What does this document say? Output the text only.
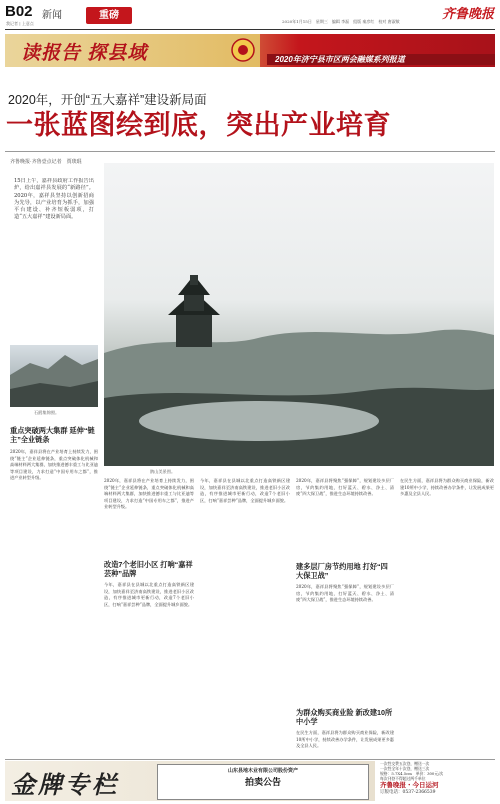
B02 新闻
我记者 | 上意点
重磅
2020年1月15日　星期三　编辑 李磊　组版 秦彦红　校对 唐淑敏	齐鲁晚报
读报告 探县域	2020年济宁县市区两会融媒系列报道
2020年，开创“五大嘉祥”建设新局面
一张蓝图绘到底，突出产业培育
齐鲁晚报·齐鲁壹点记者　贾琰琨

15日上午，嘉祥县政府工作报告出炉，给出嘉祥县发展的“新路径”。2020年，嘉祥县坚持以创新招商为先导，以产业培育为抓手，加强平台建设、补齐短板弱项，打造“五大嘉祥”建设新局面。

石鸥集锦照。
鹊山美景图。
重点突破两大集群 延伸“链主”全业链条

2020年，嘉祥县将在产业培育上持续发力，围绕“链主”企业延伸链条，重点突破体化机械和高端材料两大集群，加快推进德丰重工与比亚迪等项目建设，力求打造“中国专用车之都”，推进产业转型升级。

2020年，嘉祥县将在产业培育上持续发力，围绕“链主”企业延伸链条，重点突破体化机械和高端材料两大集群，加快推进德丰重工与比亚迪等项目建设，力求打造“中国专用车之都”，推进产业转型升级。

改造7个老旧小区 打响“嘉祥芸种”品牌

今年，嘉祥县在县城以北重点打造高铁新区建设，加快嘉祥至济南高铁建设，推进老旧小区改造，有序推进城市更新行动，改造7个老旧小区，打响“嘉祥芸种”品牌，全面提升城乡面貌。

今年，嘉祥县在县城以北重点打造高铁新区建设，加快嘉祥至济南高铁建设，推进老旧小区改造，有序推进城市更新行动，改造7个老旧小区，打响“嘉祥芸种”品牌，全面提升城乡面貌。

2020年，嘉祥县将聚焦“强保障”，规划建设多层厂房，节约集约用地，打好蓝天、碧水、净土、清废“四大保卫战”，推进生态环境持续改善。

建多层厂房节约用地 打好“四大保卫战”

2020年，嘉祥县将聚焦“强保障”，规划建设多层厂房，节约集约用地，打好蓝天、碧水、净土、清废“四大保卫战”，推进生态环境持续改善。

为群众购买商业险 新改建10所中小学

在民生方面，嘉祥县将为群众购买商业保险，新改建10所中小学，持续改善办学条件，让发展成果更多惠及全县人民。

在民生方面，嘉祥县将为群众购买商业保险，新改建10所中小学，持续改善办学条件，让发展成果更多惠及全县人民。

金牌专栏	山东县地木业有限公司股份资产
拍卖公告
一次性交费五次登，赠送一次
一次性全年十次登，赠送三次
规格：5.7X4.5cm　单价：300元/次
每次刊登不得超过两千单位
齐鲁晚报・今日运河
订版电话：0537-2366539
